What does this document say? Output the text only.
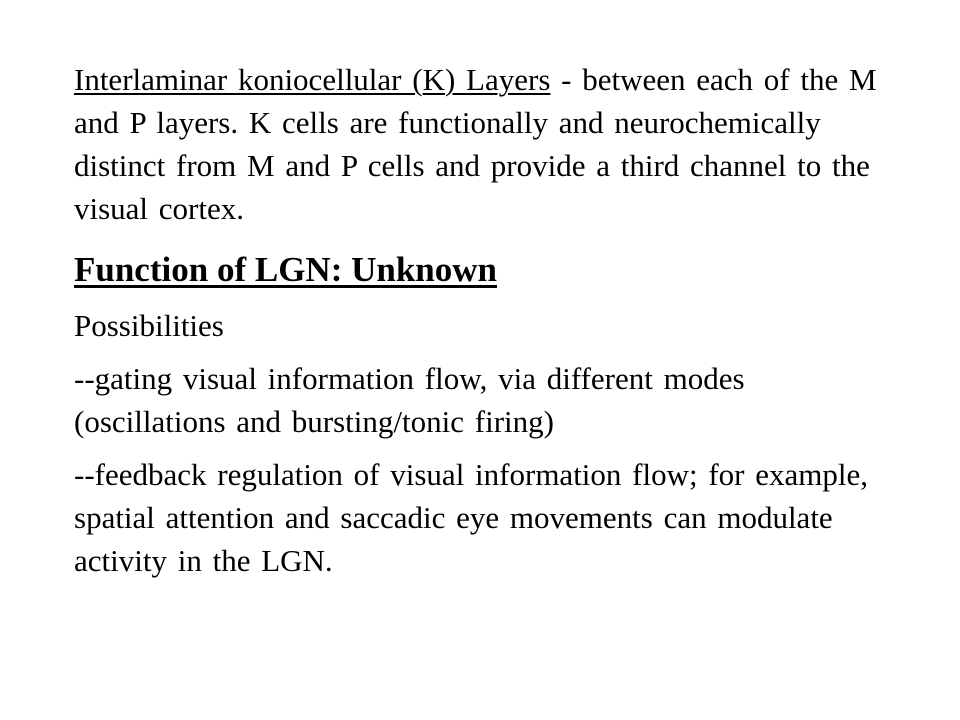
Interlaminar koniocellular (K) Layers - between each of the M and P layers. K cells are functionally and neurochemically distinct from M and P cells and provide a third channel to the visual cortex.

Function of LGN: Unknown

Possibilities

--gating visual information flow, via different modes (oscillations and bursting/tonic firing)

--feedback regulation of visual information flow; for example, spatial attention and saccadic eye movements can modulate activity in the LGN.
